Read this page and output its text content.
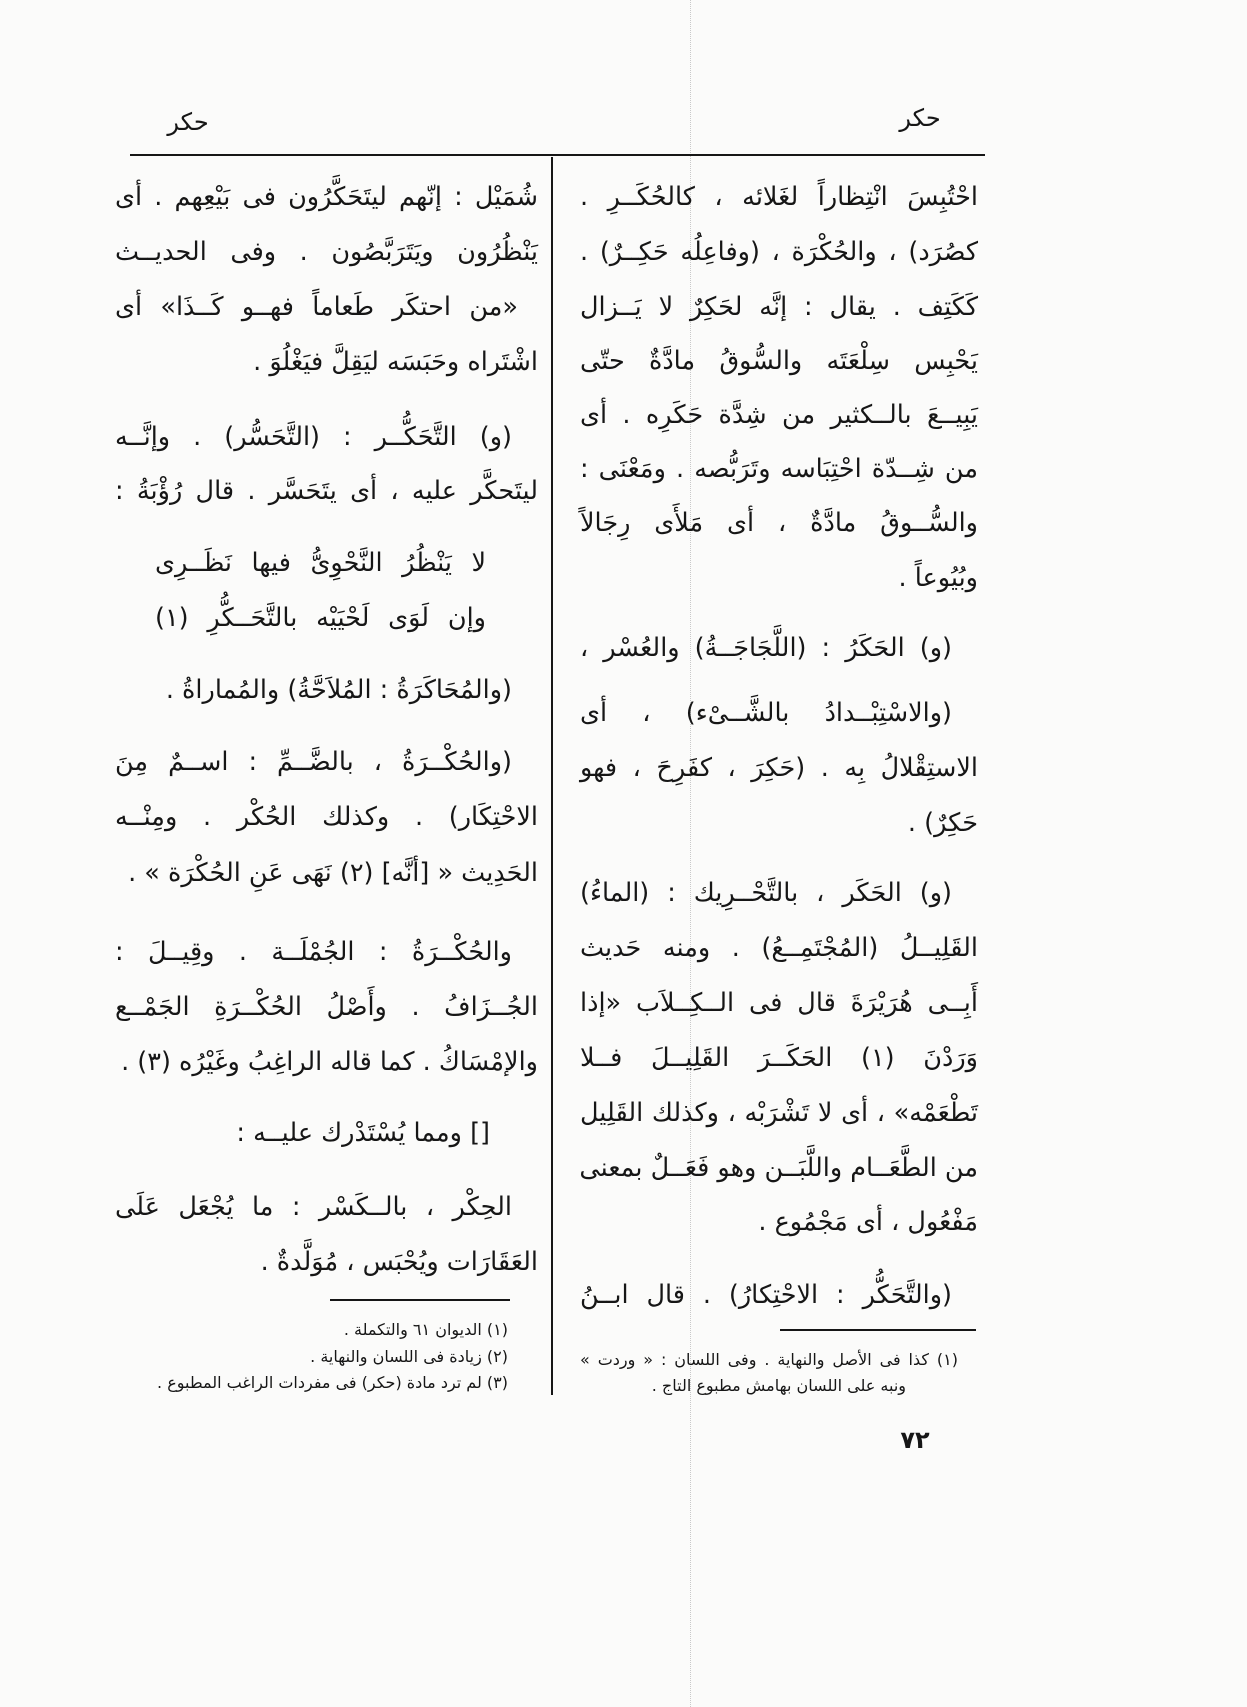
حكر
حكر
احْتُبِسَ انْتِظاراً لغَلائه ، كالحُكَــرِ .
كصُرَد) ، والحُكْرَة ، (وفاعِلُه حَكِــرٌ) .
كَكَتِف . يقال : إنَّه لحَكِرٌ لا يَــزال
يَحْبِس سِلْعَتَه والسُّوقُ مادَّةٌ حتّى
يَبِيــعَ بالــكثير من شِدَّة حَكَرِه . أى
من شِــدّة احْتِبَاسه وتَرَبُّصه . ومَعْنَى :
والسُّــوقُ مادَّةٌ ، أى مَلأَى رِجَالاً
وبُيُوعاً .
(و) الحَكَرُ : (اللَّجَاجَــةُ) والعُسْر ،
(والاسْتِبْــدادُ بالشَّــىْء) ، أى
الاستِقْلالُ بِه . (حَكِرَ ، كفَرِحَ ، فهو
حَكِرٌ) .
(و) الحَكَر ، بالتَّحْــرِيك : (الماءُ)
القَلِيــلُ (المُجْتَمِــعُ) . ومنه حَديث
أَبِــى هُرَيْرَةَ قال فى الــكِــلاَب «إذا
وَرَدْنَ (١) الحَكَــرَ القَلِيــلَ فــلا
تَطْعَمْه» ، أى لا تَشْرَبْه ، وكذلك القَلِيل
من الطَّعَــام واللَّبَــن وهو فَعَــلٌ بمعنى
مَفْعُول ، أى مَجْمُوع .
(والتَّحَكُّر : الاحْتِكارُ) . قال ابــنُ
(١) كذا فى الأصل والنهاية . وفى اللسان : « وردت »
ونبه على اللسان بهامش مطبوع التاج .
شُمَيْل : إنّهم ليتَحَكَّرُون فى بَيْعِهم . أى
يَنْظُرُون ويَتَرَبَّصُون . وفى الحديــث
«من احتكَر طَعاماً فهــو كَــذَا» أى
اشْتَراه وحَبَسَه ليَقِلَّ فيَغْلُوَ .
(و) التَّحَكُّــر : (التَّحَسُّر) . وإنَّــه
ليتَحكَّر عليه ، أى يتَحَسَّر . قال رُؤْبَةُ :
لا يَنْظُرُ النَّحْوِىُّ فيها نَظَــرِى
وإن لَوَى لَحْيَيْه بالتَّحَــكُّرِ (١)
(والمُحَاكَرَةُ : المُلاَحَّةُ) والمُماراةُ .
(والحُكْــرَةُ ، بالضَّــمِّ : اســمٌ مِنَ
الاحْتِكَار) . وكذلك الحُكْر . ومِنْــه
الحَدِيث « [أنَّه] (٢) نَهَى عَنِ الحُكْرَة » .
والحُكْــرَةُ : الجُمْلَــة . وقِيــلَ :
الجُــزَافُ . وأَصْلُ الحُكْــرَةِ الجَمْــع
والإمْسَاكُ . كما قاله الراغِبُ وغَيْرُه (٣) .
[] ومما يُسْتَدْرك عليــه :
الحِكْر ، بالــكَسْر : ما يُجْعَل عَلَى
العَقَارَات ويُحْبَس ، مُوَلَّدةٌ .
(١) الديوان ٦١ والتكملة .
(٢) زيادة فى اللسان والنهاية .
(٣) لم ترد مادة (حكر) فى مفردات الراغب المطبوع .
٧٢
